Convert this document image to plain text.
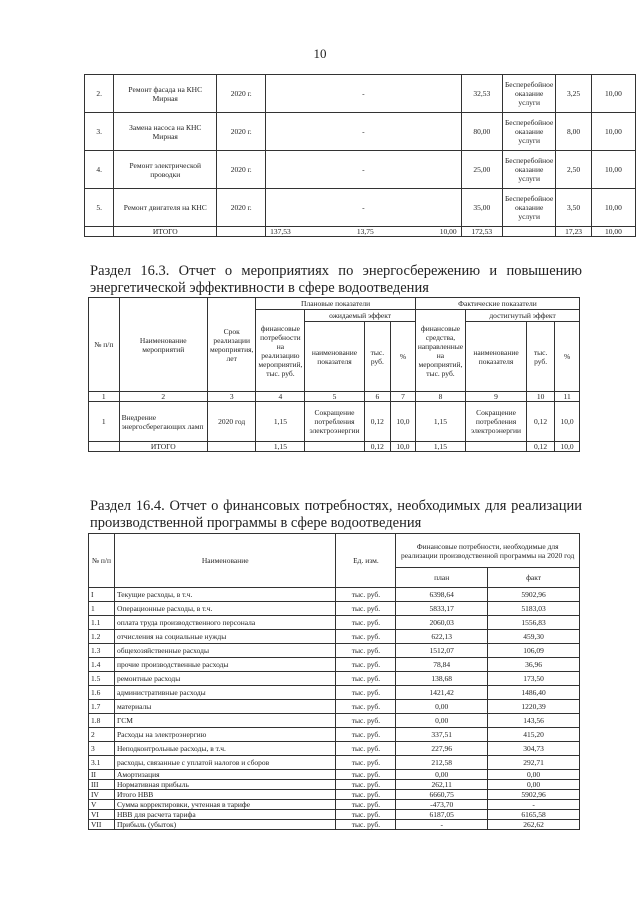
10
2.	Ремонт фасада на КНС Мирная	2020 г.	-	32,53	Бесперебойное оказание услуги	3,25	10,00
3.	Замена насоса на КНС Мирная	2020 г.	-	80,00	Бесперебойное оказание услуги	8,00	10,00
4.	Ремонт электрической проводки	2020 г.	-	25,00	Бесперебойное оказание услуги	2,50	10,00
5.	Ремонт двигателя на КНС	2020 г.	-	35,00	Бесперебойное оказание услуги	3,50	10,00
	ИТОГО		137,53 13,75 10,00	172,53		17,23	10,00
Раздел 16.3. Отчет о мероприятиях по энергосбережению и повышению энергетической эффективности в сфере водоотведения
№ п/п	Наименование мероприятий	Срок реализации мероприятия, лет	Плановые показатели				Фактические показатели			
			финансовые потребности на реализацию мероприятий, тыс. руб.	ожидаемый эффект			финансовые средства, направленные на мероприятий, тыс. руб.	достигнутый эффект		
				наименование показателя	тыс. руб.	%		наименование показателя	тыс. руб.	%
1	2	3	4	5	6	7	8	9	10	11
1	Внедрение энергосберегающих ламп	2020 год	1,15	Сокращение потребления электроэнергии	0,12	10,0	1,15	Сокращение потребления электроэнергии	0,12	10,0
	ИТОГО		1,15		0,12	10,0	1,15		0,12	10,0
Раздел 16.4. Отчет о финансовых потребностях, необходимых для реализации производственной программы в сфере водоотведения
№ п/п	Наименование	Ед. изм.	Финансовые потребности, необходимые для реализации производственной программы на 2020 год	
			план	факт
I	Текущие расходы, в т.ч.	тыс. руб.	6398,64	5902,96
1	Операционные расходы, в т.ч.	тыс. руб.	5833,17	5183,03
1.1	оплата труда производственного персонала	тыс. руб.	2060,03	1556,83
1.2	отчисления на социальные нужды	тыс. руб.	622,13	459,30
1.3	общехозяйственные расходы	тыс. руб.	1512,07	106,09
1.4	прочие производственные расходы	тыс. руб.	78,84	36,96
1.5	ремонтные расходы	тыс. руб.	138,68	173,50
1.6	административные расходы	тыс. руб.	1421,42	1486,40
1.7	материалы	тыс. руб.	0,00	1220,39
1.8	ГСМ	тыс. руб.	0,00	143,56
2	Расходы на электроэнергию	тыс. руб.	337,51	415,20
3	Неподконтрольные расходы, в т.ч.	тыс. руб.	227,96	304,73
3.1	расходы, связанные с уплатой налогов и сборов	тыс. руб.	212,58	292,71
II	Амортизация	тыс. руб.	0,00	0,00
III	Нормативная прибыль	тыс. руб.	262,11	0,00
IV	Итого НВВ	тыс. руб.	6660,75	5902,96
V	Сумма корректировки, учтенная в тарифе	тыс. руб.	-473,70	-
VI	НВВ для расчета тарифа	тыс. руб.	6187,05	6165,58
VII	Прибыль (убыток)	тыс. руб.	-	262,62
